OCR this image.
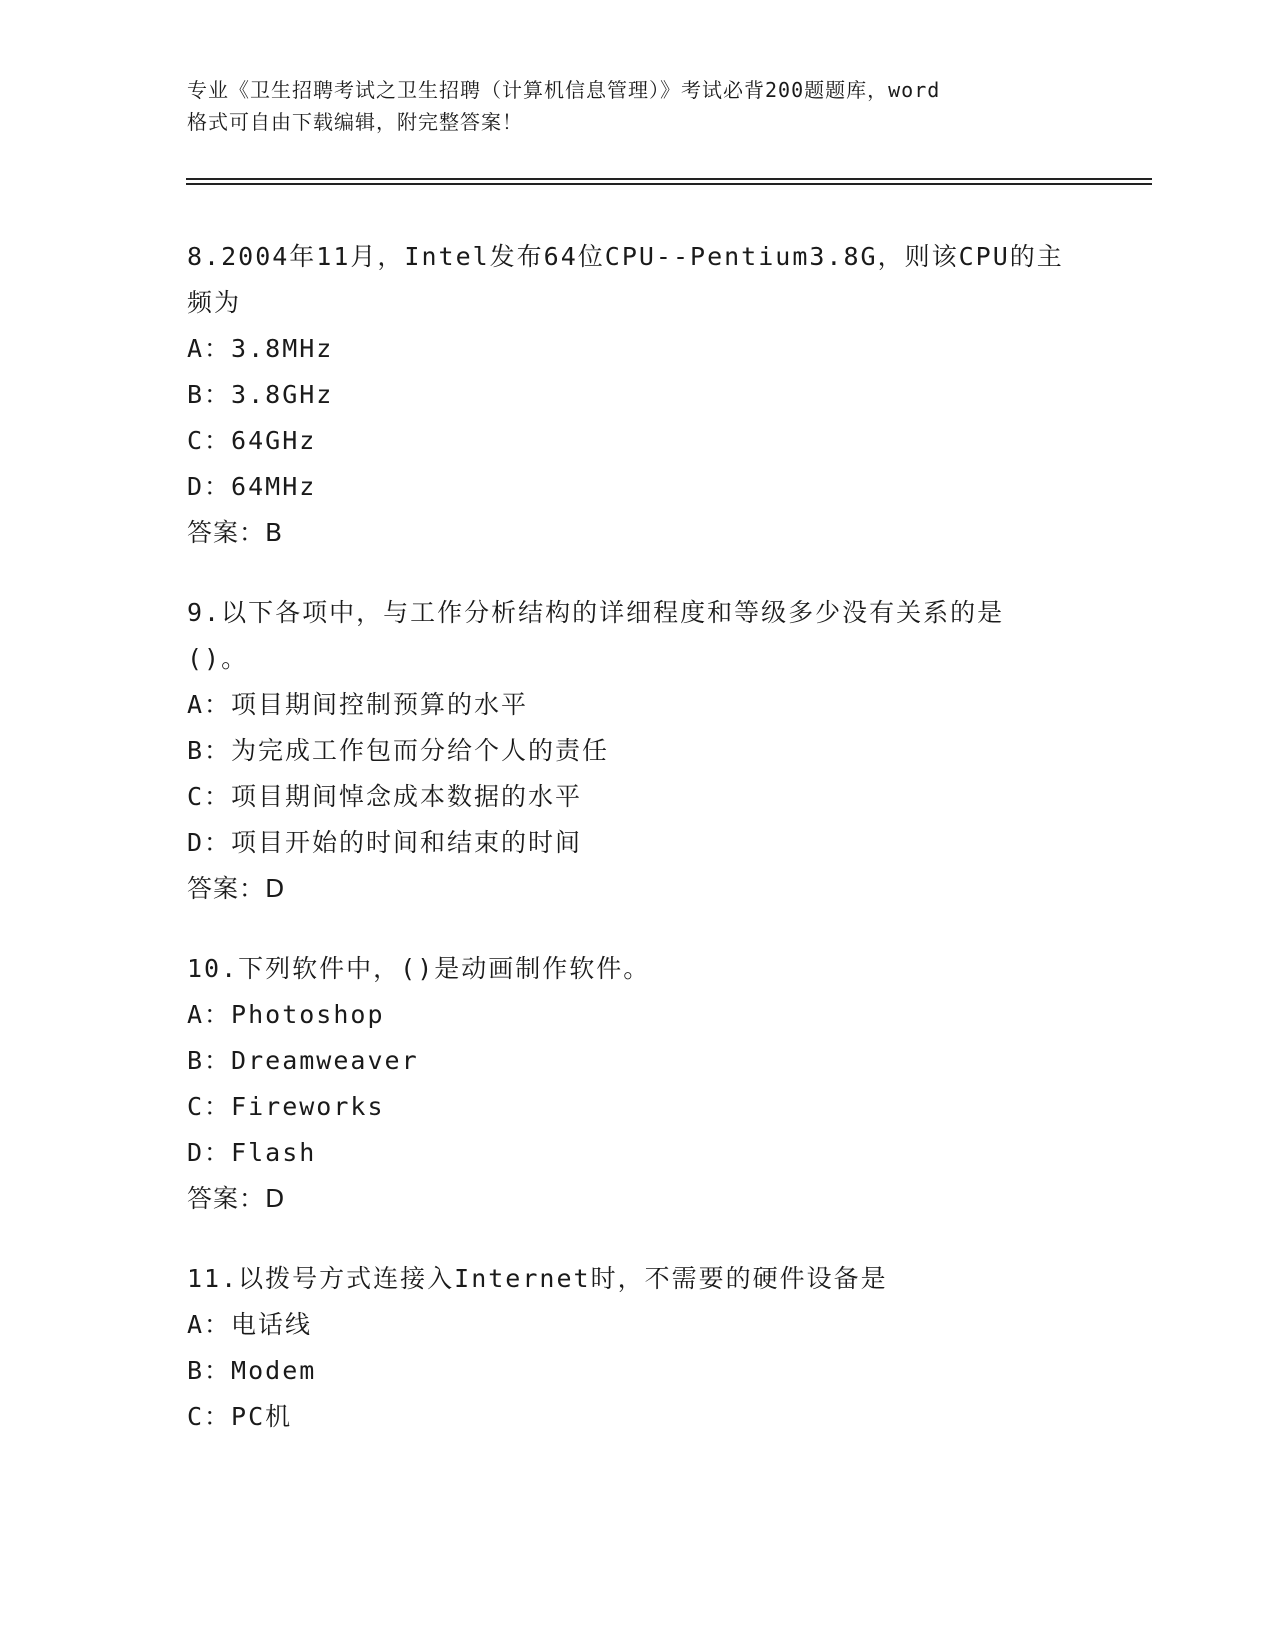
专业《卫生招聘考试之卫生招聘（计算机信息管理）》考试必背200题题库，word
格式可自由下载编辑，附完整答案！

8.2004年11月，Intel发布64位CPU--Pentium3.8G，则该CPU的主
频为

A：3.8MHz

B：3.8GHz

C：64GHz

D：64MHz

答案：B

9.以下各项中，与工作分析结构的详细程度和等级多少没有关系的是
()。

A：项目期间控制预算的水平

B：为完成工作包而分给个人的责任

C：项目期间悼念成本数据的水平

D：项目开始的时间和结束的时间

答案：D

10.下列软件中，()是动画制作软件。

A：Photoshop

B：Dreamweaver

C：Fireworks

D：Flash

答案：D

11.以拨号方式连接入Internet时，不需要的硬件设备是

A：电话线

B：Modem

C：PC机
